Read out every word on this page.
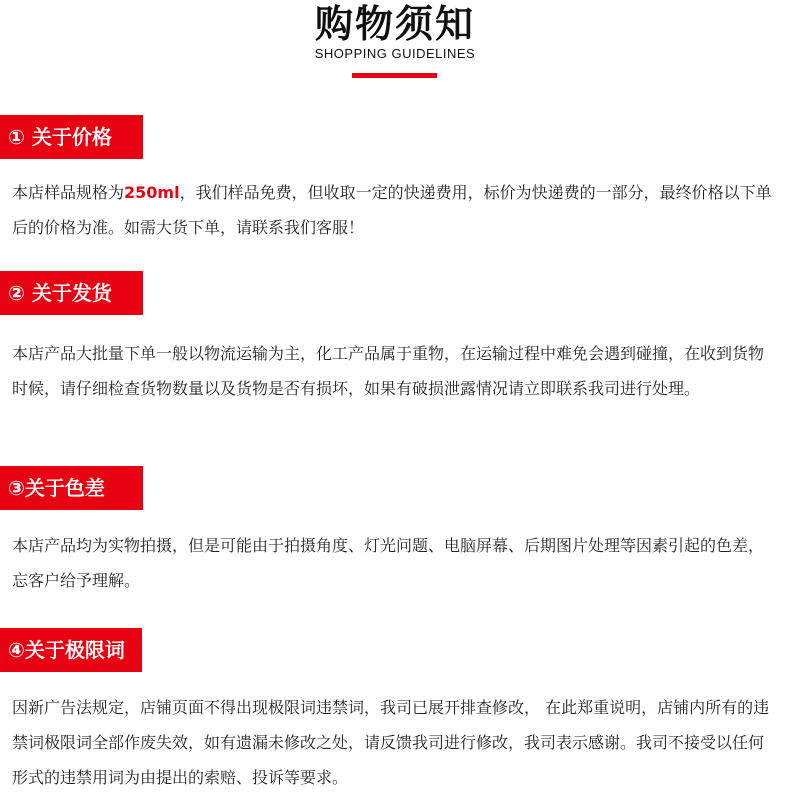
购物须知
SHOPPING GUIDELINES
① 关于价格

本店样品规格为250ml，我们样品免费，但收取一定的快递费用，标价为快递费的一部分，最终价格以下单后的价格为准。如需大货下单，请联系我们客服！

② 关于发货

本店产品大批量下单一般以物流运输为主，化工产品属于重物，在运输过程中难免会遇到碰撞，在收到货物时候，请仔细检查货物数量以及货物是否有损坏，如果有破损泄露情况请立即联系我司进行处理。

③关于色差

本店产品均为实物拍摄，但是可能由于拍摄角度、灯光问题、电脑屏幕、后期图片处理等因素引起的色差，忘客户给予理解。

④关于极限词

因新广告法规定，店铺页面不得出现极限词违禁词，我司已展开排查修改， 在此郑重说明，店铺内所有的违禁词极限词全部作废失效，如有遗漏未修改之处，请反馈我司进行修改，我司表示感谢。我司不接受以任何形式的违禁用词为由提出的索赔、投诉等要求。
